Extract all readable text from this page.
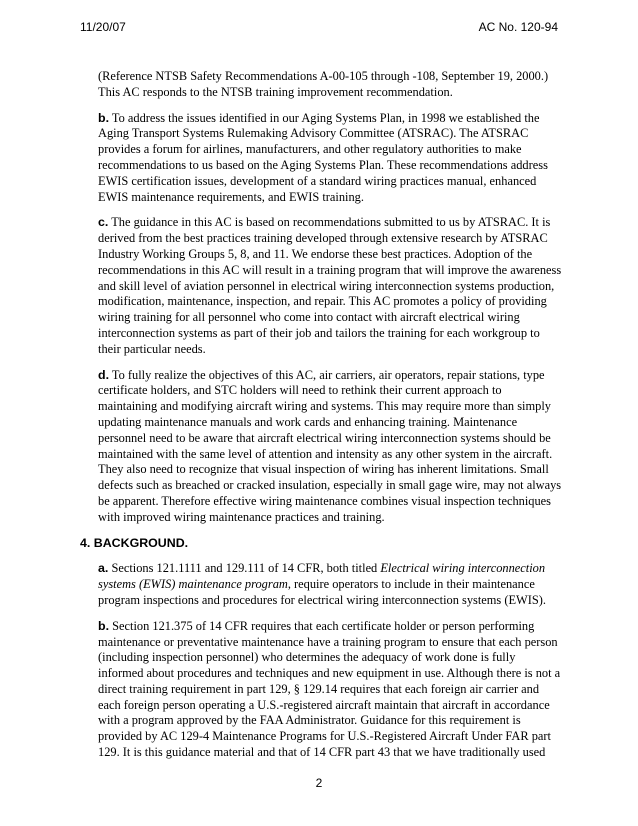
11/20/07	AC No. 120-94

(Reference NTSB Safety Recommendations A-00-105 through -108, September 19, 2000.) This AC responds to the NTSB training improvement recommendation.

b. To address the issues identified in our Aging Systems Plan, in 1998 we established the Aging Transport Systems Rulemaking Advisory Committee (ATSRAC). The ATSRAC provides a forum for airlines, manufacturers, and other regulatory authorities to make recommendations to us based on the Aging Systems Plan. These recommendations address EWIS certification issues, development of a standard wiring practices manual, enhanced EWIS maintenance requirements, and EWIS training.

c. The guidance in this AC is based on recommendations submitted to us by ATSRAC. It is derived from the best practices training developed through extensive research by ATSRAC Industry Working Groups 5, 8, and 11. We endorse these best practices. Adoption of the recommendations in this AC will result in a training program that will improve the awareness and skill level of aviation personnel in electrical wiring interconnection systems production, modification, maintenance, inspection, and repair. This AC promotes a policy of providing wiring training for all personnel who come into contact with aircraft electrical wiring interconnection systems as part of their job and tailors the training for each workgroup to their particular needs.

d. To fully realize the objectives of this AC, air carriers, air operators, repair stations, type certificate holders, and STC holders will need to rethink their current approach to maintaining and modifying aircraft wiring and systems. This may require more than simply updating maintenance manuals and work cards and enhancing training. Maintenance personnel need to be aware that aircraft electrical wiring interconnection systems should be maintained with the same level of attention and intensity as any other system in the aircraft. They also need to recognize that visual inspection of wiring has inherent limitations. Small defects such as breached or cracked insulation, especially in small gage wire, may not always be apparent. Therefore effective wiring maintenance combines visual inspection techniques with improved wiring maintenance practices and training.

4. BACKGROUND.

a. Sections 121.1111 and 129.111 of 14 CFR, both titled Electrical wiring interconnection systems (EWIS) maintenance program, require operators to include in their maintenance program inspections and procedures for electrical wiring interconnection systems (EWIS).

b. Section 121.375 of 14 CFR requires that each certificate holder or person performing maintenance or preventative maintenance have a training program to ensure that each person (including inspection personnel) who determines the adequacy of work done is fully informed about procedures and techniques and new equipment in use. Although there is not a direct training requirement in part 129, § 129.14 requires that each foreign air carrier and each foreign person operating a U.S.-registered aircraft maintain that aircraft in accordance with a program approved by the FAA Administrator. Guidance for this requirement is provided by AC 129-4 Maintenance Programs for U.S.-Registered Aircraft Under FAR part 129. It is this guidance material and that of 14 CFR part 43 that we have traditionally used

2
